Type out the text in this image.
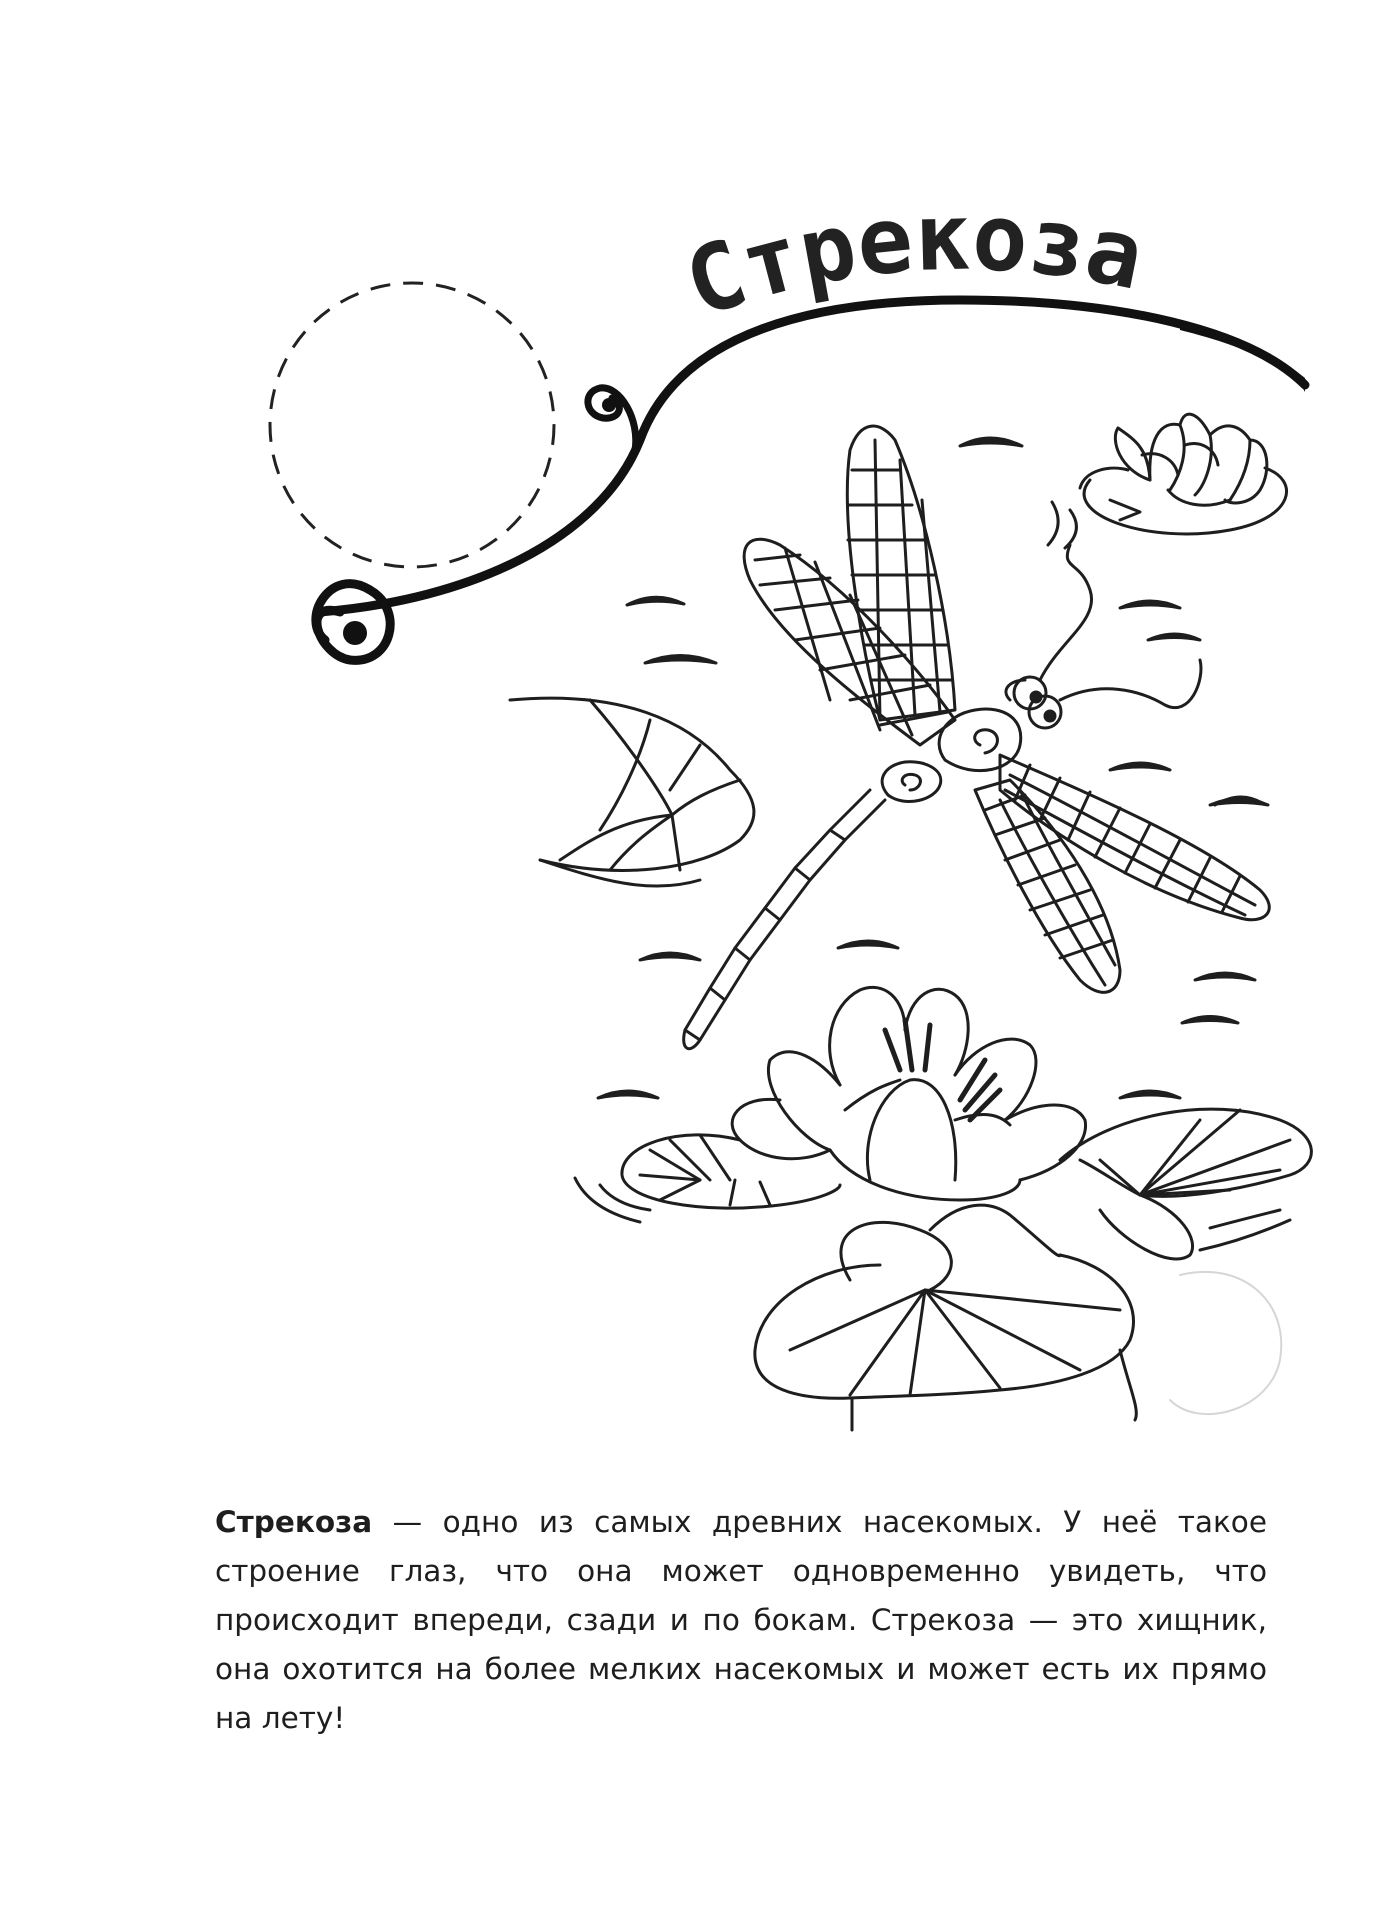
Стрекоза

Стрекоза — одно из самых древних насекомых. У неё такое строение глаз, что она может одновременно увидеть, что происходит впереди, сзади и по бокам. Стрекоза — это хищник, она охотится на более мелких насекомых и может есть их прямо на лету!
